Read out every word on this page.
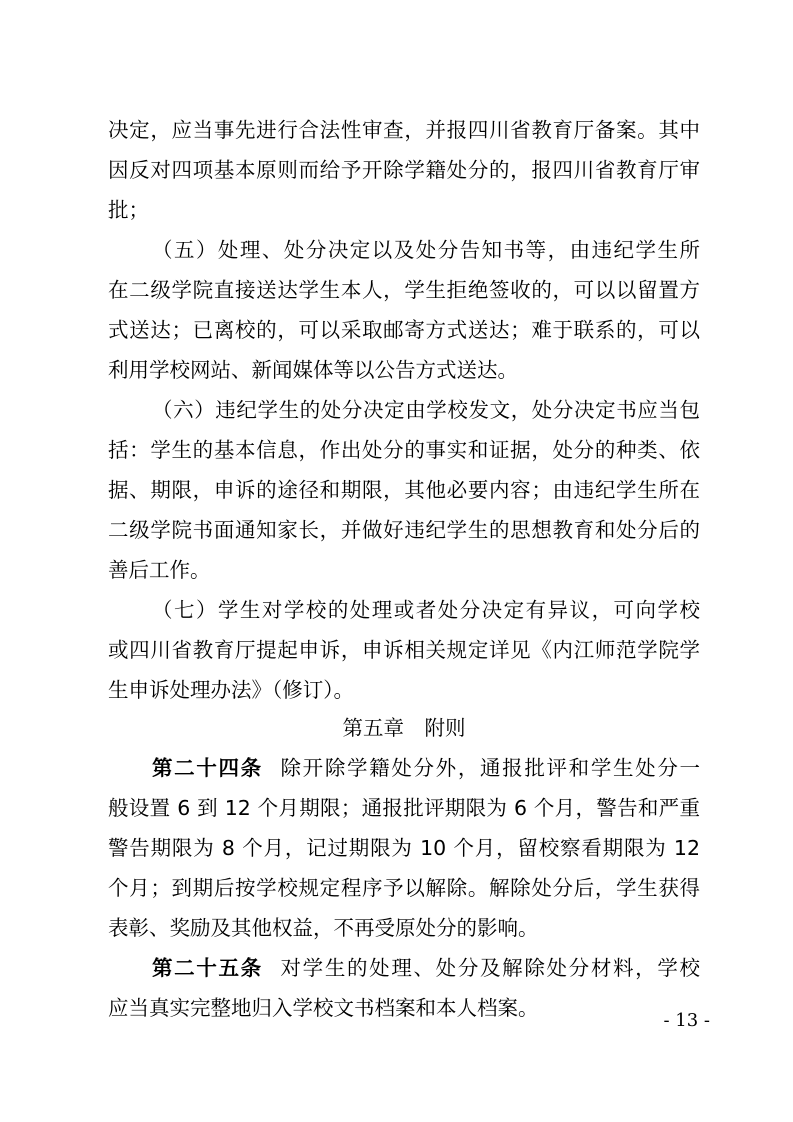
决定，应当事先进行合法性审查，并报四川省教育厅备案。其中
因反对四项基本原则而给予开除学籍处分的，报四川省教育厅审
批；
（五）处理、处分决定以及处分告知书等，由违纪学生所
在二级学院直接送达学生本人，学生拒绝签收的，可以以留置方
式送达；已离校的，可以采取邮寄方式送达；难于联系的，可以
利用学校网站、新闻媒体等以公告方式送达。
（六）违纪学生的处分决定由学校发文，处分决定书应当包
括：学生的基本信息，作出处分的事实和证据，处分的种类、依
据、期限，申诉的途径和期限，其他必要内容；由违纪学生所在
二级学院书面通知家长，并做好违纪学生的思想教育和处分后的
善后工作。
（七）学生对学校的处理或者处分决定有异议，可向学校
或四川省教育厅提起申诉，申诉相关规定详见《内江师范学院学
生申诉处理办法》（修订）。
第五章　附则
第二十四条 除开除学籍处分外，通报批评和学生处分一
般设置 6 到 12 个月期限；通报批评期限为 6 个月，警告和严重
警告期限为 8 个月，记过期限为 10 个月，留校察看期限为 12
个月；到期后按学校规定程序予以解除。解除处分后，学生获得
表彰、奖励及其他权益，不再受原处分的影响。
第二十五条 对学生的处理、处分及解除处分材料，学校
应当真实完整地归入学校文书档案和本人档案。
- 13 -
